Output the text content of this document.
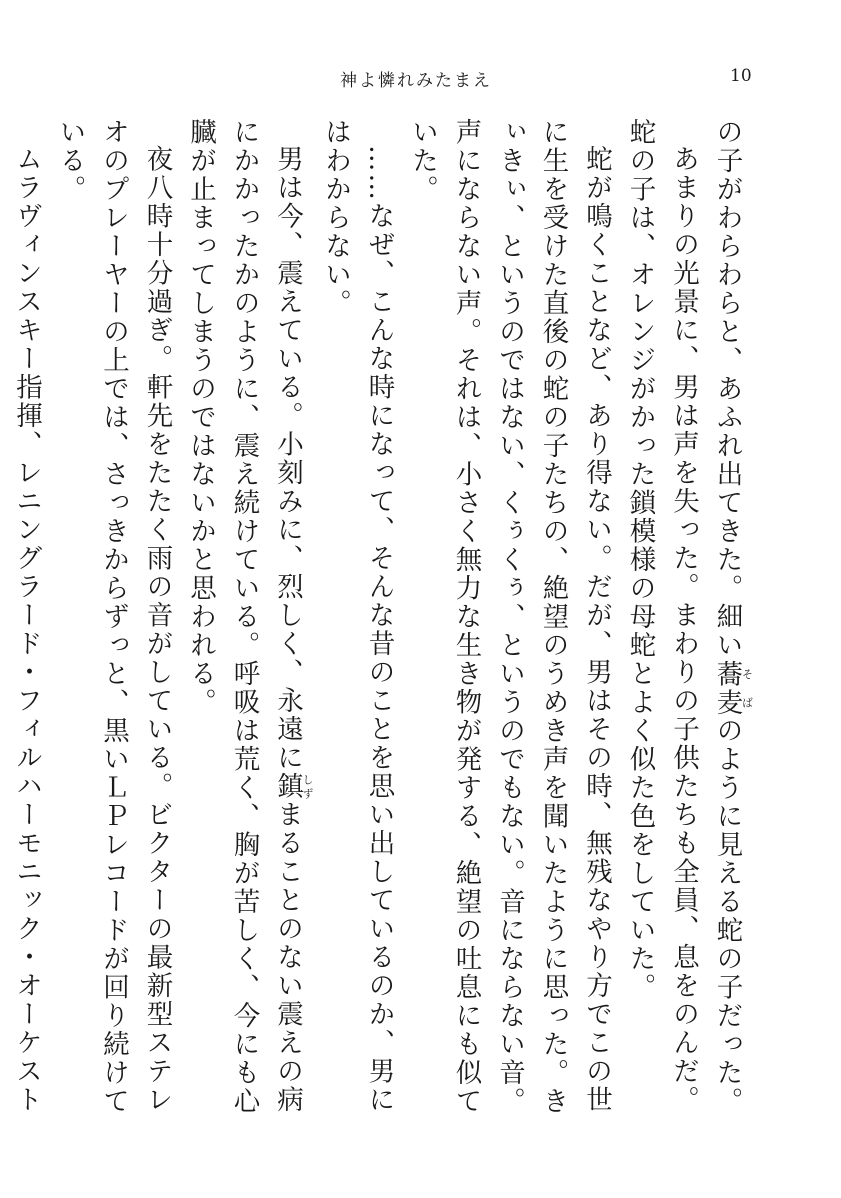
神よ憐れみたまえ	10
の子がわらわらと、あふれ出てきた。細い蕎麦そばのように見える蛇の子だった。
あまりの光景に、男は声を失った。まわりの子供たちも全員、息をのんだ。蛇の子は、オレンジがかった鎖模様の母蛇とよく似た色をしていた。
蛇が鳴くことなど、あり得ない。だが、男はその時、無残なやり方でこの世に生を受けた直後の蛇の子たちの、絶望のうめき声を聞いたように思った。きぃきぃ、というのではない、くぅくぅ、というのでもない。音にならない音。声にならない声。それは、小さく無力な生き物が発する、絶望の吐息にも似ていた。
……なぜ、こんな時になって、そんな昔のことを思い出しているのか、男にはわからない。
男は今、震えている。小刻みに、烈しく、永遠に鎮しずまることのない震えの病にかかったかのように、震え続けている。呼吸は荒く、胸が苦しく、今にも心臓が止まってしまうのではないかと思われる。
夜八時十分過ぎ。軒先をたたく雨の音がしている。ビクターの最新型ステレオのプレーヤーの上では、さっきからずっと、黒いＬＰレコードが回り続けている。
ムラヴィンスキー指揮、レニングラード・フィルハーモニック・オーケスト
